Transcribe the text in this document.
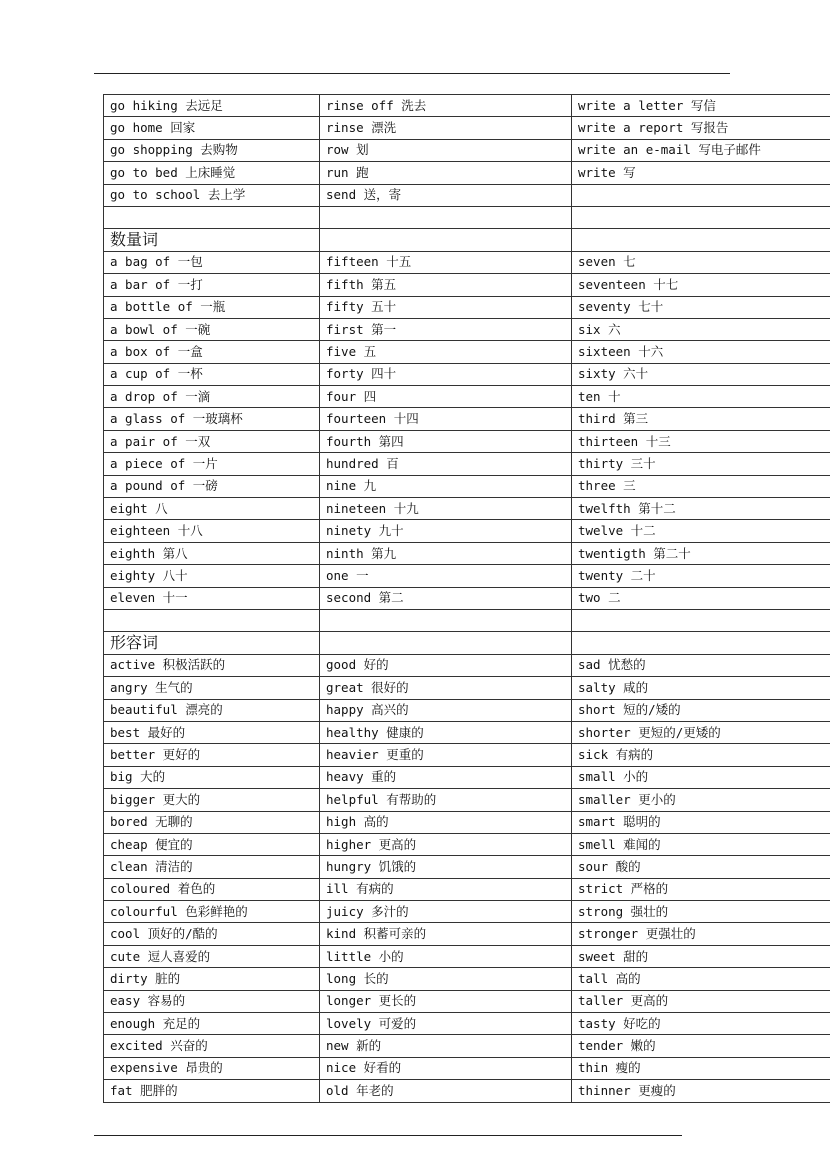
go hiking 去远足	rinse off 洗去	write a letter 写信
go home 回家	rinse 漂洗	write a report 写报告
go shopping 去购物	row 划	write an e-mail 写电子邮件
go to bed 上床睡觉	run 跑	write 写
go to school 去上学	send 送，寄	

数量词		
a bag of 一包	fifteen 十五	seven 七
a bar of 一打	fifth 第五	seventeen 十七
a bottle of 一瓶	fifty 五十	seventy 七十
a bowl of 一碗	first 第一	six 六
a box of 一盒	five 五	sixteen 十六
a cup of 一杯	forty 四十	sixty 六十
a drop of 一滴	four 四	ten 十
a glass of 一玻璃杯	fourteen 十四	third 第三
a pair of 一双	fourth 第四	thirteen 十三
a piece of 一片	hundred 百	thirty 三十
a pound of 一磅	nine 九	three 三
eight 八	nineteen 十九	twelfth 第十二
eighteen 十八	ninety 九十	twelve 十二
eighth 第八	ninth 第九	twentigth 第二十
eighty 八十	one 一	twenty 二十
eleven 十一	second 第二	two 二

形容词		
active 积极活跃的	good 好的	sad 忧愁的
angry 生气的	great 很好的	salty 咸的
beautiful 漂亮的	happy 高兴的	short 短的/矮的
best 最好的	healthy 健康的	shorter 更短的/更矮的
better 更好的	heavier 更重的	sick 有病的
big 大的	heavy 重的	small 小的
bigger 更大的	helpful 有帮助的	smaller 更小的
bored 无聊的	high 高的	smart 聪明的
cheap 便宜的	higher 更高的	smell 难闻的
clean 清洁的	hungry 饥饿的	sour 酸的
coloured 着色的	ill 有病的	strict 严格的
colourful 色彩鲜艳的	juicy 多汁的	strong 强壮的
cool 顶好的/酷的	kind 积蓄可亲的	stronger 更强壮的
cute 逗人喜爱的	little 小的	sweet 甜的
dirty 脏的	long 长的	tall 高的
easy 容易的	longer 更长的	taller 更高的
enough 充足的	lovely 可爱的	tasty 好吃的
excited 兴奋的	new 新的	tender 嫩的
expensive 昂贵的	nice 好看的	thin 瘦的
fat 肥胖的	old 年老的	thinner 更瘦的
